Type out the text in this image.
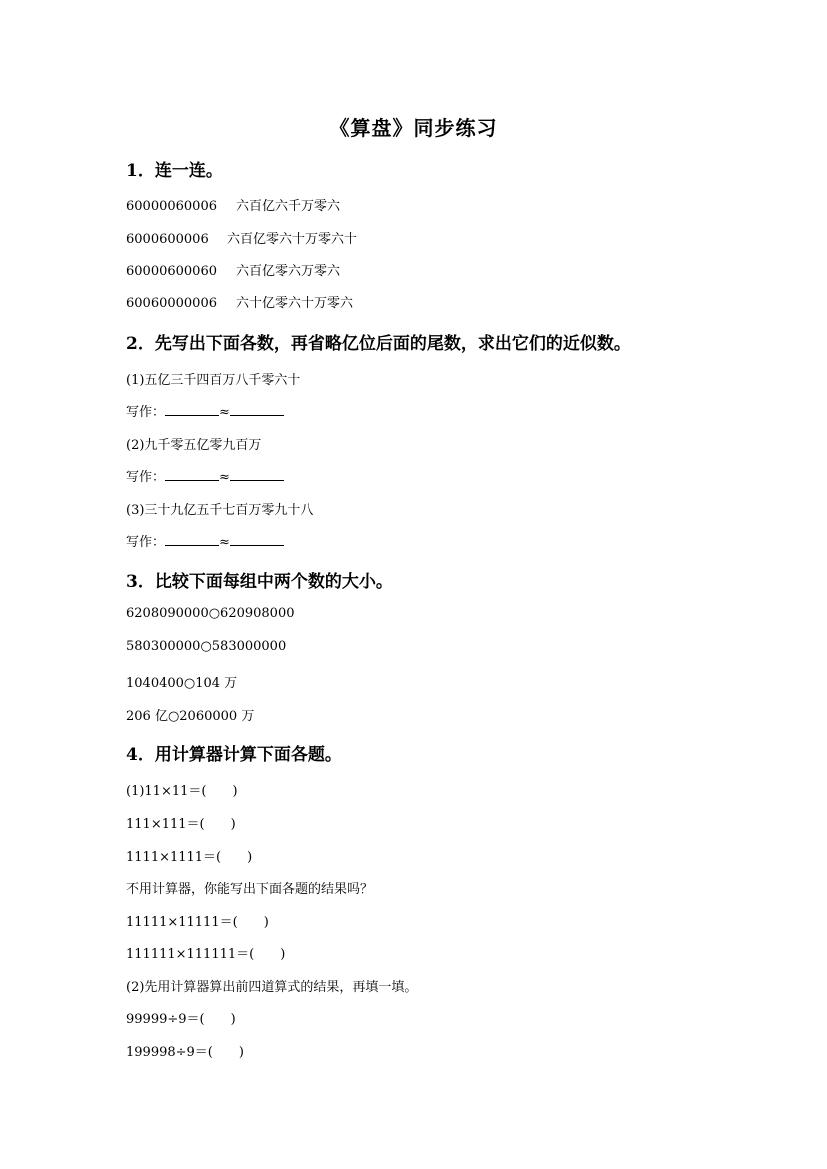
《算盘》同步练习
1．连一连。
60000060006 六百亿六千万零六
6000600006 六百亿零六十万零六十
60000600060 六百亿零六万零六
60060000006 六十亿零六十万零六
2．先写出下面各数，再省略亿位后面的尾数，求出它们的近似数。
(1)五亿三千四百万八千零六十
写作：	≈
(2)九千零五亿零九百万
写作：	≈
(3)三十九亿五千七百万零九十八
写作：	≈
3．比较下面每组中两个数的大小。
6208090000○620908000
580300000○583000000
1040400○104 万
206 亿○2060000 万
4．用计算器计算下面各题。
(1)11×11＝( )
111×111＝( )
1111×1111＝( )
不用计算器，你能写出下面各题的结果吗？
11111×11111＝( )
111111×111111＝( )
(2)先用计算器算出前四道算式的结果，再填一填。
99999÷9＝( )
199998÷9＝( )
